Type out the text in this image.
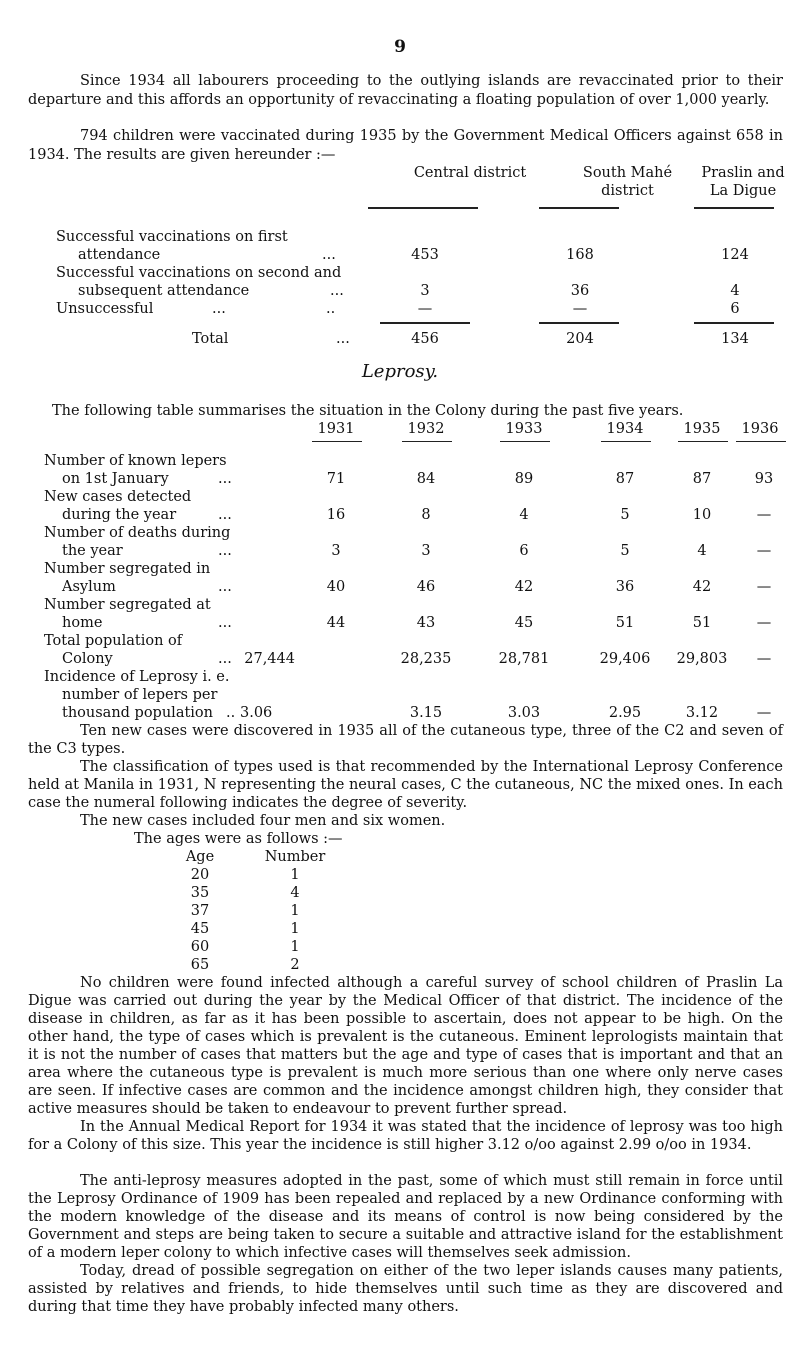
9
Since 1934 all labourers proceeding to the outlying islands are revaccinated prior to their departure and this affords an opportunity of revaccinating a floating population of over 1,000 yearly.
794 children were vaccinated during 1935 by the Government Medical Officers against 658 in 1934. The results are given hereunder :—
Central district	South Mahé district
Praslin and La Digue
Successful vaccinations on first
attendance	...	453	168	124
Successful vaccinations on second and
subsequent attendance	...	3	36	4
Unsuccessful	...	..	—	—	6
Total	...	456	204	134
Leprosy.
The following table summarises the situation in the Colony during the past five years.
1931	1932	1933	1934	1935	1936
Number of known lepers
on 1st January	...	71	84	89	87	87	93
New cases detected
during the year	...	16	8	4	5	10	—
Number of deaths during
the year	...	3	3	6	5	4	—
Number segregated in
Asylum	...	40	46	42	36	42	—
Number segregated at
home	...	44	43	45	51	51	—
Total population of
Colony	... 27,444	28,235	28,781	29,406	29,803	—
Incidence of Leprosy i. e.
number of lepers per
thousand population .. 3.06	3.15	3.03	2.95	3.12	—
Ten new cases were discovered in 1935 all of the cutaneous type, three of the C2 and seven of the C3 types.
The classification of types used is that recommended by the International Leprosy Conference held at Manila in 1931, N representing the neural cases, C the cutaneous, NC the mixed ones. In each case the numeral following indicates the degree of severity.
The new cases included four men and six women.
The ages were as follows :—
Age	Number
20	1
35	4
37	1
45	1
60	1
65	2
No children were found infected although a careful survey of school children of Praslin La Digue was carried out during the year by the Medical Officer of that district. The incidence of the disease in children, as far as it has been possible to ascertain, does not appear to be high. On the other hand, the type of cases which is prevalent is the cutaneous. Eminent leprologists maintain that it is not the number of cases that matters but the age and type of cases that is important and that an area where the cutaneous type is prevalent is much more serious than one where only nerve cases are seen. If infective cases are common and the incidence amongst children high, they consider that active measures should be taken to endeavour to prevent further spread.
In the Annual Medical Report for 1934 it was stated that the incidence of leprosy was too high for a Colony of this size. This year the incidence is still higher 3.12 o/oo against 2.99 o/oo in 1934.
The anti-leprosy measures adopted in the past, some of which must still remain in force until the Leprosy Ordinance of 1909 has been repealed and replaced by a new Ordinance conforming with the modern knowledge of the disease and its means of control is now being considered by the Government and steps are being taken to secure a suitable and attractive island for the establishment of a modern leper colony to which infective cases will themselves seek admission.
Today, dread of possible segregation on either of the two leper islands causes many patients, assisted by relatives and friends, to hide themselves until such time as they are discovered and during that time they have probably infected many others.
